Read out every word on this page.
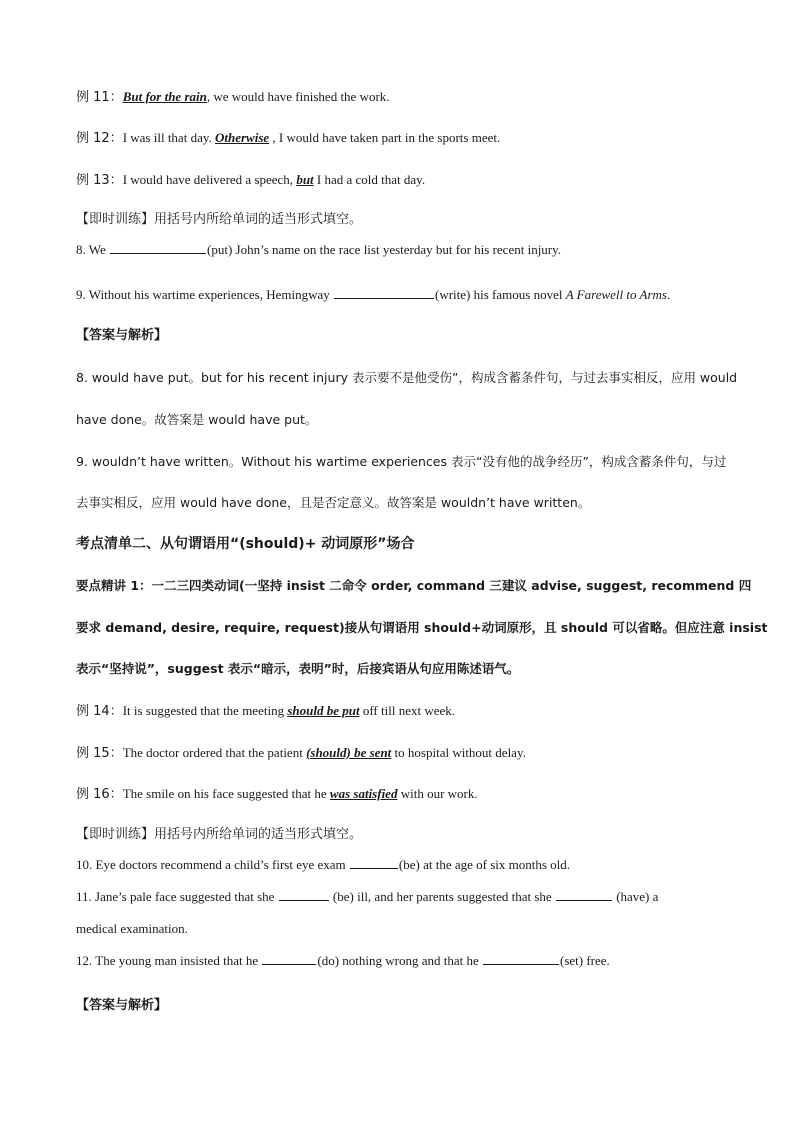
例 11：But for the rain, we would have finished the work.
例 12：I was ill that day. Otherwise , I would have taken part in the sports meet.
例 13：I would have delivered a speech, but I had a cold that day.
【即时训练】用括号内所给单词的适当形式填空。
8. We	(put) John’s name on the race list yesterday but for his recent injury.
9. Without his wartime experiences, Hemingway	(write) his famous novel A Farewell to Arms.
【答案与解析】
8. would have put。but for his recent injury 表示要不是他受伤”，构成含蓄条件句，与过去事实相反，应用 would
have done。故答案是 would have put。
9. wouldn’t have written。Without his wartime experiences 表示“没有他的战争经历”，构成含蓄条件句，与过
去事实相反，应用 would have done，且是否定意义。故答案是 wouldn’t have written。
考点清单二、从句谓语用“(should)+ 动词原形”场合
要点精讲 1：一二三四类动词(一坚持 insist 二命令 order, command 三建议 advise, suggest, recommend 四
要求 demand, desire, require, request)接从句谓语用 should+动词原形，且 should 可以省略。但应注意 insist
表示“坚持说”，suggest 表示“暗示，表明”时，后接宾语从句应用陈述语气。
例 14：It is suggested that the meeting should be put off till next week.
例 15：The doctor ordered that the patient (should) be sent to hospital without delay.
例 16：The smile on his face suggested that he was satisfied with our work.
【即时训练】用括号内所给单词的适当形式填空。
10. Eye doctors recommend a child’s first eye exam	(be) at the age of six months old.
11. Jane’s pale face suggested that she	(be) ill, and her parents suggested that she	(have) a
medical examination.
12. The young man insisted that he	(do) nothing wrong and that he	(set) free.
【答案与解析】
